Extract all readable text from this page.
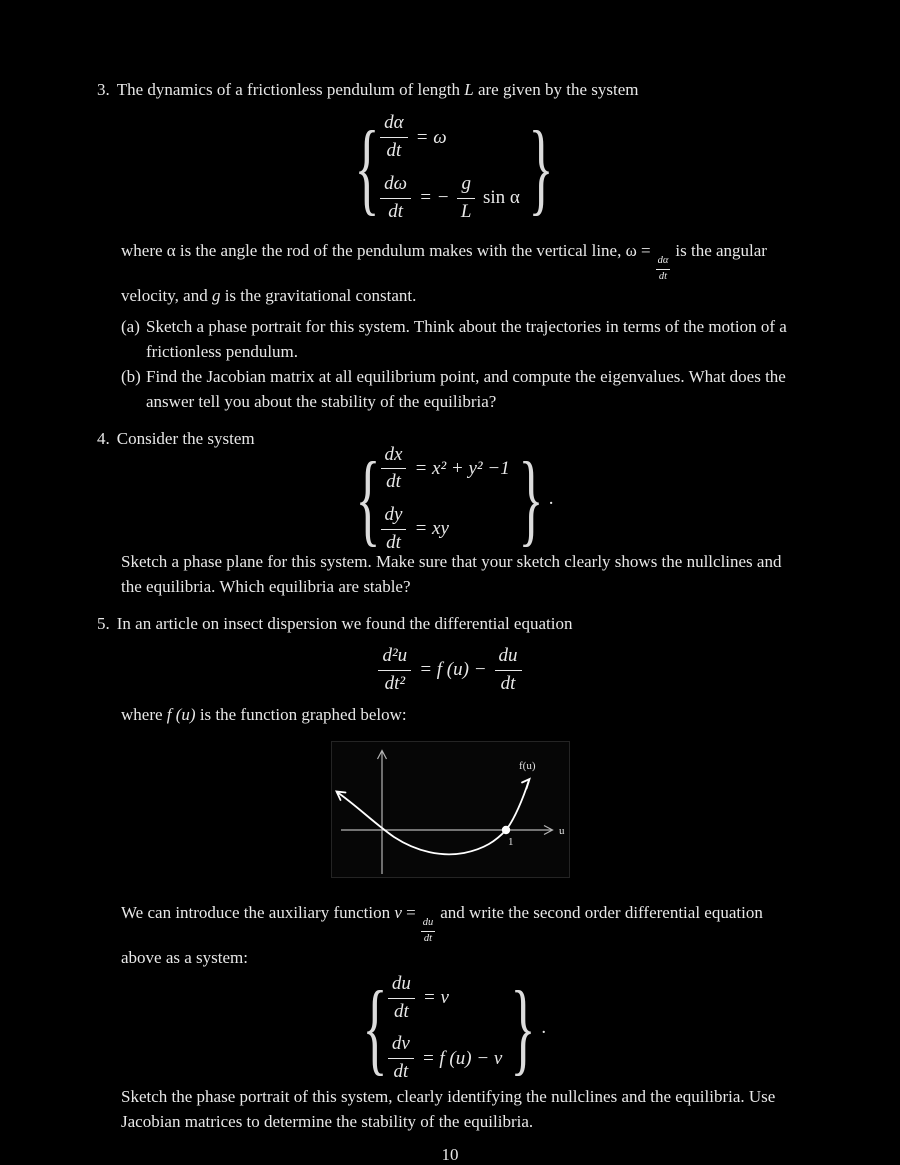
3. The dynamics of a frictionless pendulum of length L are given by the system
{ $\frac{d\alpha}{dt} = \omega$
$\frac{d\omega}{dt}$ = − $\frac{g}{L}$ sin α }
where α is the angle the rod of the pendulum makes with the vertical line, ω =
$\frac{d\alpha}{dt}$
is the angular
velocity, and g is the gravitational constant.
(a) Sketch a phase portrait for this system. Think about the trajectories in terms of the motion of a
frictionless pendulum.
(b) Find the Jacobian matrix at all equilibrium point, and compute the eigenvalues. What does the
answer tell you about the stability of the equilibria?
4. Consider the system
{ $\frac{dx}{dt} = x^2 + y^2 -1$
$\frac{dy}{dt}$ = xy } .
Sketch a phase plane for this system. Make sure that your sketch clearly shows the nullclines and
the equilibria. Which equilibria are stable?
5. In an article on insect dispersion we found the differential equation
$\frac{\text{d²u}}{\text{dt²}} = f$ $(u) - \frac{du}{dt}$
where f (u) is the function graphed below:
f(u)
1
u
We can introduce the auxiliary function v =
$\frac{du}{dt}$
and write the second order differential equation
above as a system:
{ $\frac{du}{dt} = v$
$\frac{dv}{dt} = f$ (u) − v } .
Sketch the phase portrait of this system, clearly identifying the nullclines and the equilibria. Use
Jacobian matrices to determine the stability of the equilibria.
10
